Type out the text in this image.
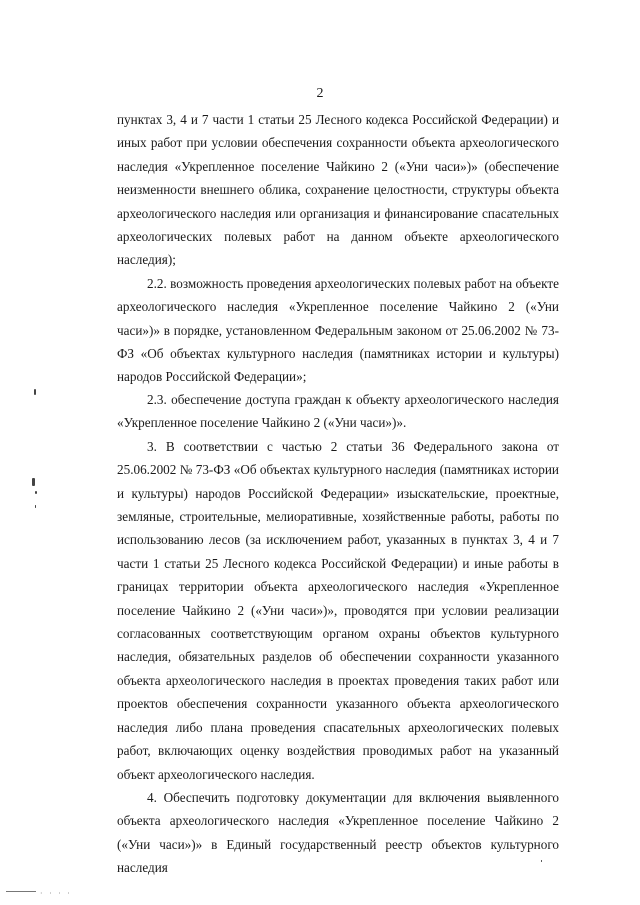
2

пунктах 3, 4 и 7 части 1 статьи 25 Лесного кодекса Российской Федерации) и иных работ при условии обеспечения сохранности объекта археологического наследия «Укрепленное поселение Чайкино 2 («Уни часи»)» (обеспечение неизменности внешнего облика, сохранение целостности, структуры объекта археологического наследия или организация и финансирование спасательных археологических полевых работ на данном объекте археологического наследия);

2.2. возможность проведения археологических полевых работ на объекте археологического наследия «Укрепленное поселение Чайкино 2 («Уни часи»)» в порядке, установленном Федеральным законом от 25.06.2002 № 73-ФЗ «Об объектах культурного наследия (памятниках истории и культуры) народов Российской Федерации»;

2.3. обеспечение доступа граждан к объекту археологического наследия «Укрепленное поселение Чайкино 2 («Уни часи»)».

3. В соответствии с частью 2 статьи 36 Федерального закона от 25.06.2002 № 73-ФЗ «Об объектах культурного наследия (памятниках истории и культуры) народов Российской Федерации» изыскательские, проектные, земляные, строительные, мелиоративные, хозяйственные работы, работы по использованию лесов (за исключением работ, указанных в пунктах 3, 4 и 7 части 1 статьи 25 Лесного кодекса Российской Федерации) и иные работы в границах территории объекта археологического наследия «Укрепленное поселение Чайкино 2 («Уни часи»)», проводятся при условии реализации согласованных соответствующим органом охраны объектов культурного наследия, обязательных разделов об обеспечении сохранности указанного объекта археологического наследия в проектах проведения таких работ или проектов обеспечения сохранности указанного объекта археологического наследия либо плана проведения спасательных археологических полевых работ, включающих оценку воздействия проводимых работ на указанный объект археологического наследия.

4. Обеспечить подготовку документации для включения выявленного объекта археологического наследия «Укрепленное поселение Чайкино 2 («Уни часи»)» в Единый государственный реестр объектов культурного наследия

· · · ·
